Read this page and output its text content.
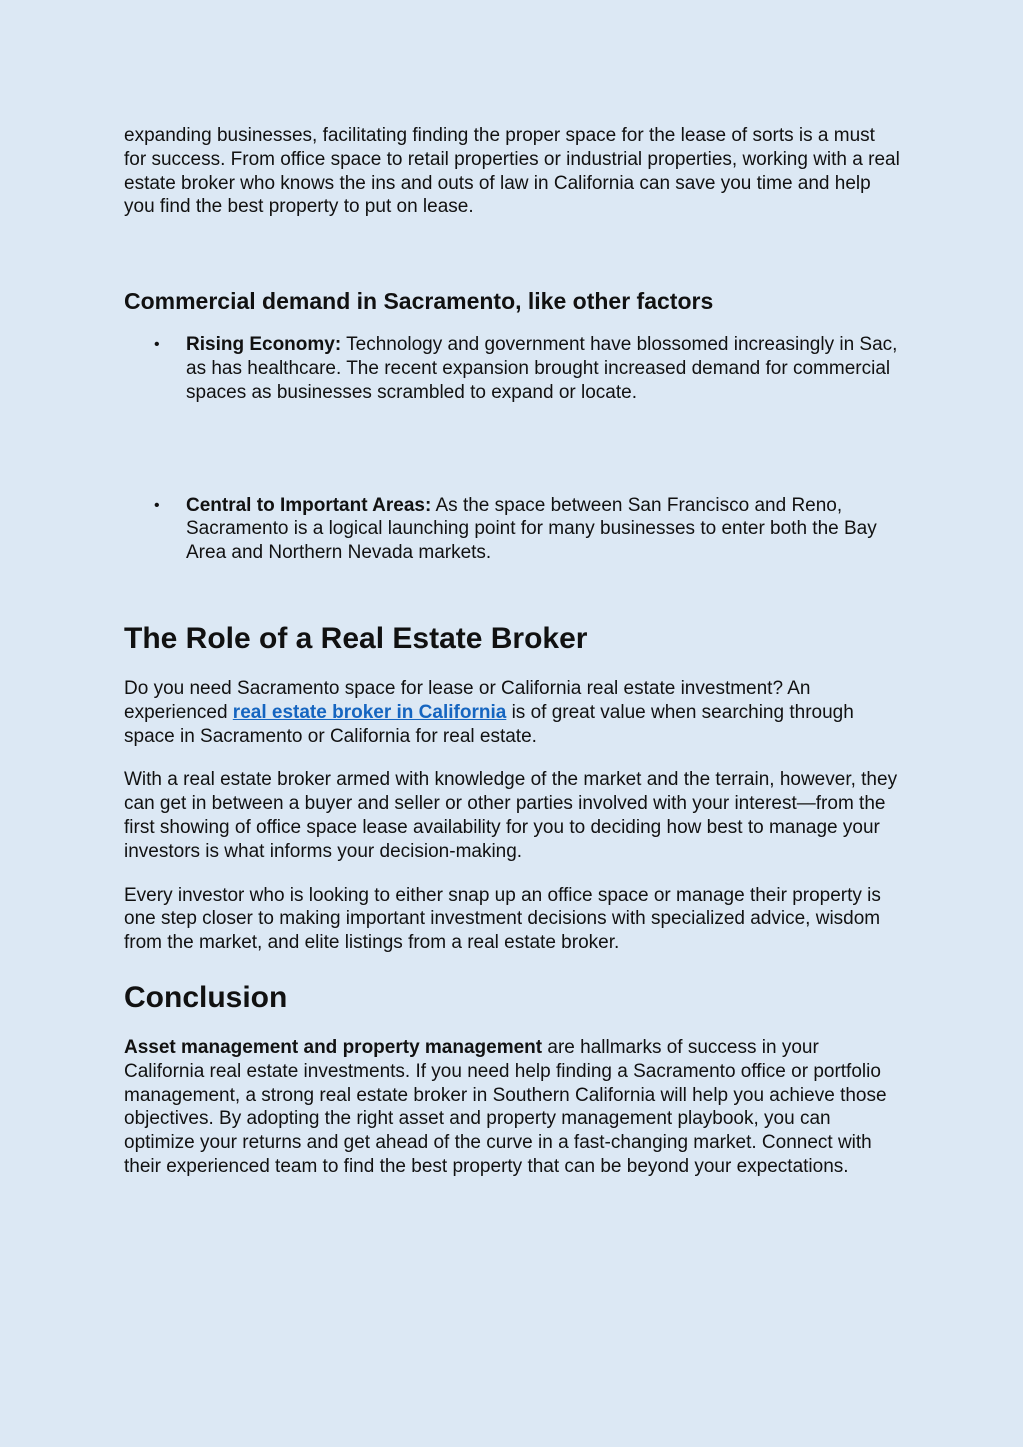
expanding businesses, facilitating finding the proper space for the lease of sorts is a must for success. From office space to retail properties or industrial properties, working with a real estate broker who knows the ins and outs of law in California can save you time and help you find the best property to put on lease.

Commercial demand in Sacramento, like other factors
• Rising Economy: Technology and government have blossomed increasingly in Sac, as has healthcare. The recent expansion brought increased demand for commercial spaces as businesses scrambled to expand or locate.
• Central to Important Areas: As the space between San Francisco and Reno, Sacramento is a logical launching point for many businesses to enter both the Bay Area and Northern Nevada markets.
The Role of a Real Estate Broker

Do you need Sacramento space for lease or California real estate investment? An experienced real estate broker in California is of great value when searching through space in Sacramento or California for real estate.

With a real estate broker armed with knowledge of the market and the terrain, however, they can get in between a buyer and seller or other parties involved with your interest—from the first showing of office space lease availability for you to deciding how best to manage your investors is what informs your decision-making.

Every investor who is looking to either snap up an office space or manage their property is one step closer to making important investment decisions with specialized advice, wisdom from the market, and elite listings from a real estate broker.

Conclusion

Asset management and property management are hallmarks of success in your California real estate investments. If you need help finding a Sacramento office or portfolio management, a strong real estate broker in Southern California will help you achieve those objectives. By adopting the right asset and property management playbook, you can optimize your returns and get ahead of the curve in a fast-changing market. Connect with their experienced team to find the best property that can be beyond your expectations.
